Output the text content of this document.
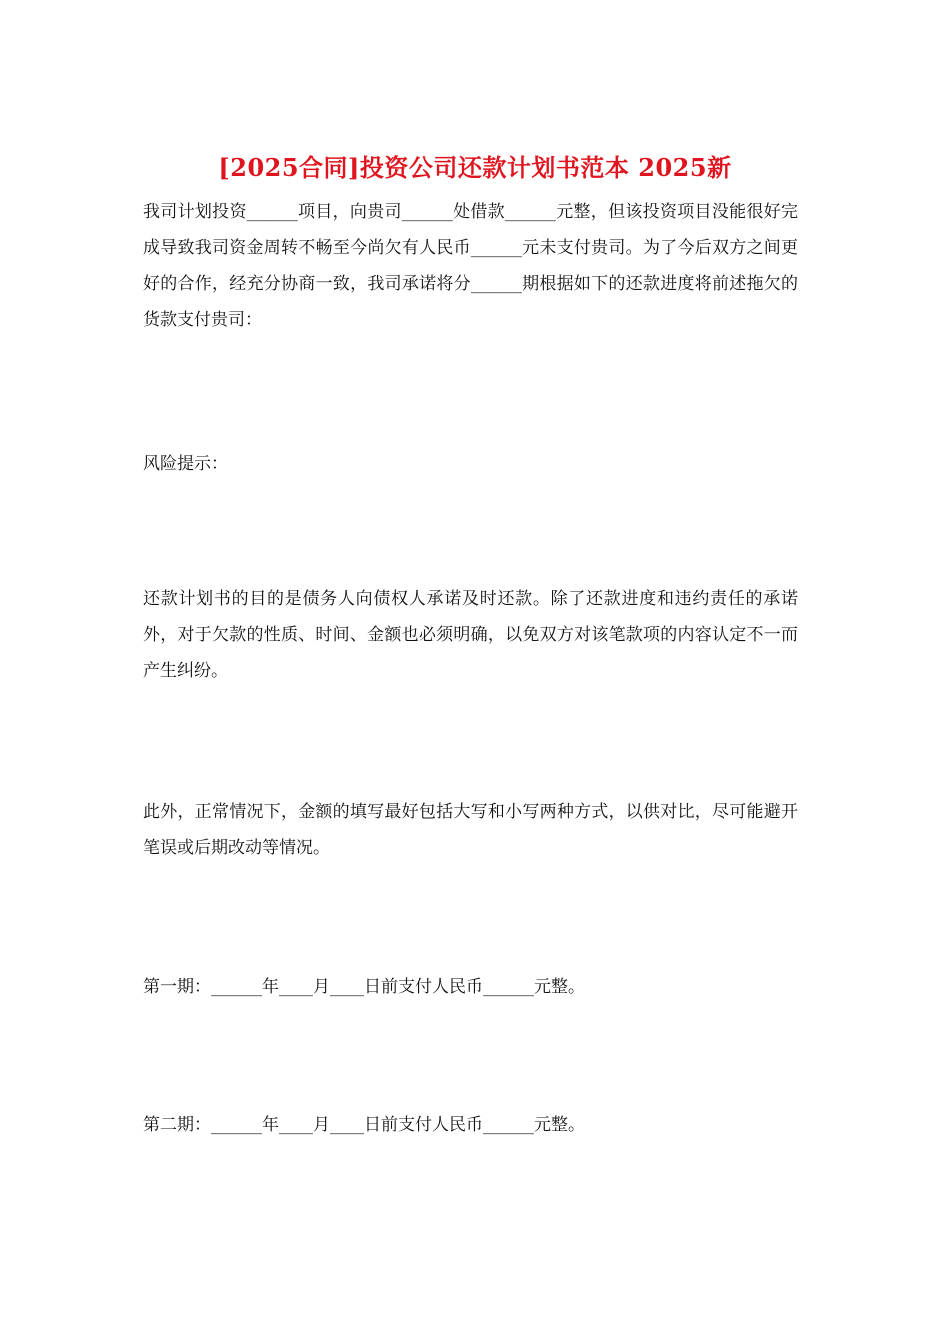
[2025合同]投资公司还款计划书范本 2025新
我司计划投资______项目，向贵司______处借款______元整，但该投资项目没能很好完成导致我司资金周转不畅至今尚欠有人民币______元未支付贵司。为了今后双方之间更好的合作，经充分协商一致，我司承诺将分______期根据如下的还款进度将前述拖欠的货款支付贵司：
风险提示：
还款计划书的目的是债务人向债权人承诺及时还款。除了还款进度和违约责任的承诺外，对于欠款的性质、时间、金额也必须明确，以免双方对该笔款项的内容认定不一而产生纠纷。
此外，正常情况下，金额的填写最好包括大写和小写两种方式，以供对比，尽可能避开笔误或后期改动等情况。
第一期：______年____月____日前支付人民币______元整。
第二期：______年____月____日前支付人民币______元整。
